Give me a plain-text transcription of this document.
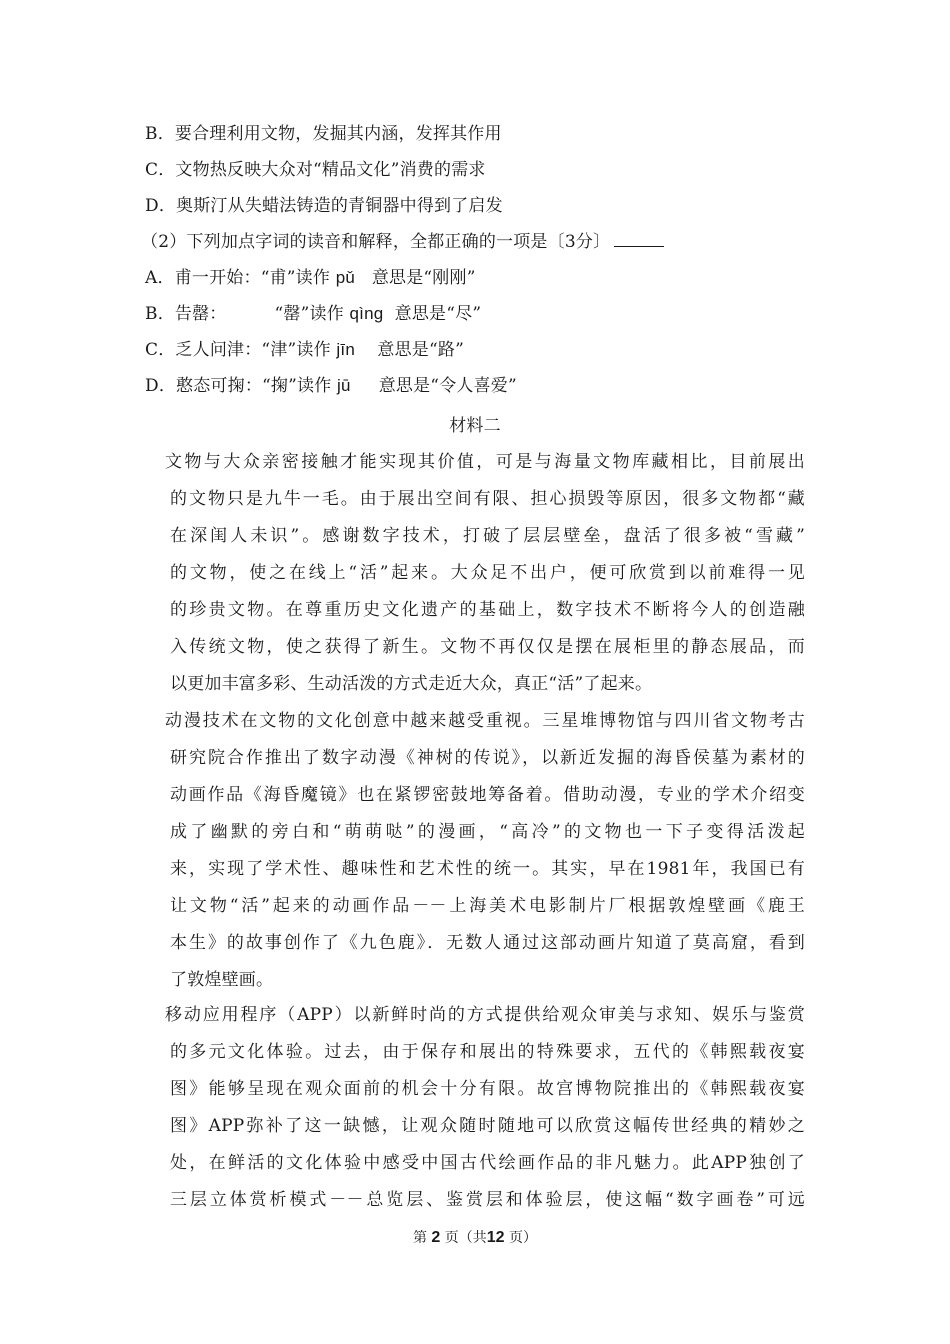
B．要合理利用文物，发掘其内涵，发挥其作用
C．文物热反映大众对“精品文化”消费的需求
D．奥斯汀从失蜡法铸造的青铜器中得到了启发
（2）下列加点字词的读音和解释，全都正确的一项是〔3分〕
A．甫一开始：“甫”读作 pǔ 意思是“刚刚”
B．告罄：	“罄”读作 qìng 意思是“尽”
C．乏人问津：“津”读作 jīn 意思是“路”
D．憨态可掬：“掬”读作 jū 意思是“令人喜爱”
材料二
文物与大众亲密接触才能实现其价值，可是与海量文物库藏相比，目前展出
的文物只是九牛一毛。由于展出空间有限、担心损毁等原因，很多文物都“藏
在深闺人未识”。感谢数字技术，打破了层层壁垒，盘活了很多被“雪藏”
的文物，使之在线上“活”起来。大众足不出户，便可欣赏到以前难得一见
的珍贵文物。在尊重历史文化遗产的基础上，数字技术不断将今人的创造融
入传统文物，使之获得了新生。文物不再仅仅是摆在展柜里的静态展品，而
以更加丰富多彩、生动活泼的方式走近大众，真正“活”了起来。
动漫技术在文物的文化创意中越来越受重视。三星堆博物馆与四川省文物考古
研究院合作推出了数字动漫《神树的传说》，以新近发掘的海昏侯墓为素材的
动画作品《海昏魔镜》也在紧锣密鼓地筹备着。借助动漫，专业的学术介绍变
成了幽默的旁白和“萌萌哒”的漫画，“高冷”的文物也一下子变得活泼起
来，实现了学术性、趣味性和艺术性的统一。其实，早在1981年，我国已有
让文物“活”起来的动画作品－－上海美术电影制片厂根据敦煌壁画《鹿王
本生》的故事创作了《九色鹿》．无数人通过这部动画片知道了莫高窟，看到
了敦煌壁画。
移动应用程序（APP）以新鲜时尚的方式提供给观众审美与求知、娱乐与鉴赏
的多元文化体验。过去，由于保存和展出的特殊要求，五代的《韩熙载夜宴
图》能够呈现在观众面前的机会十分有限。故宫博物院推出的《韩熙载夜宴
图》APP弥补了这一缺憾，让观众随时随地可以欣赏这幅传世经典的精妙之
处，在鲜活的文化体验中感受中国古代绘画作品的非凡魅力。此APP独创了
三层立体赏析模式－－总览层、鉴赏层和体验层，使这幅“数字画卷”可远
第 2 页（共12 页）
